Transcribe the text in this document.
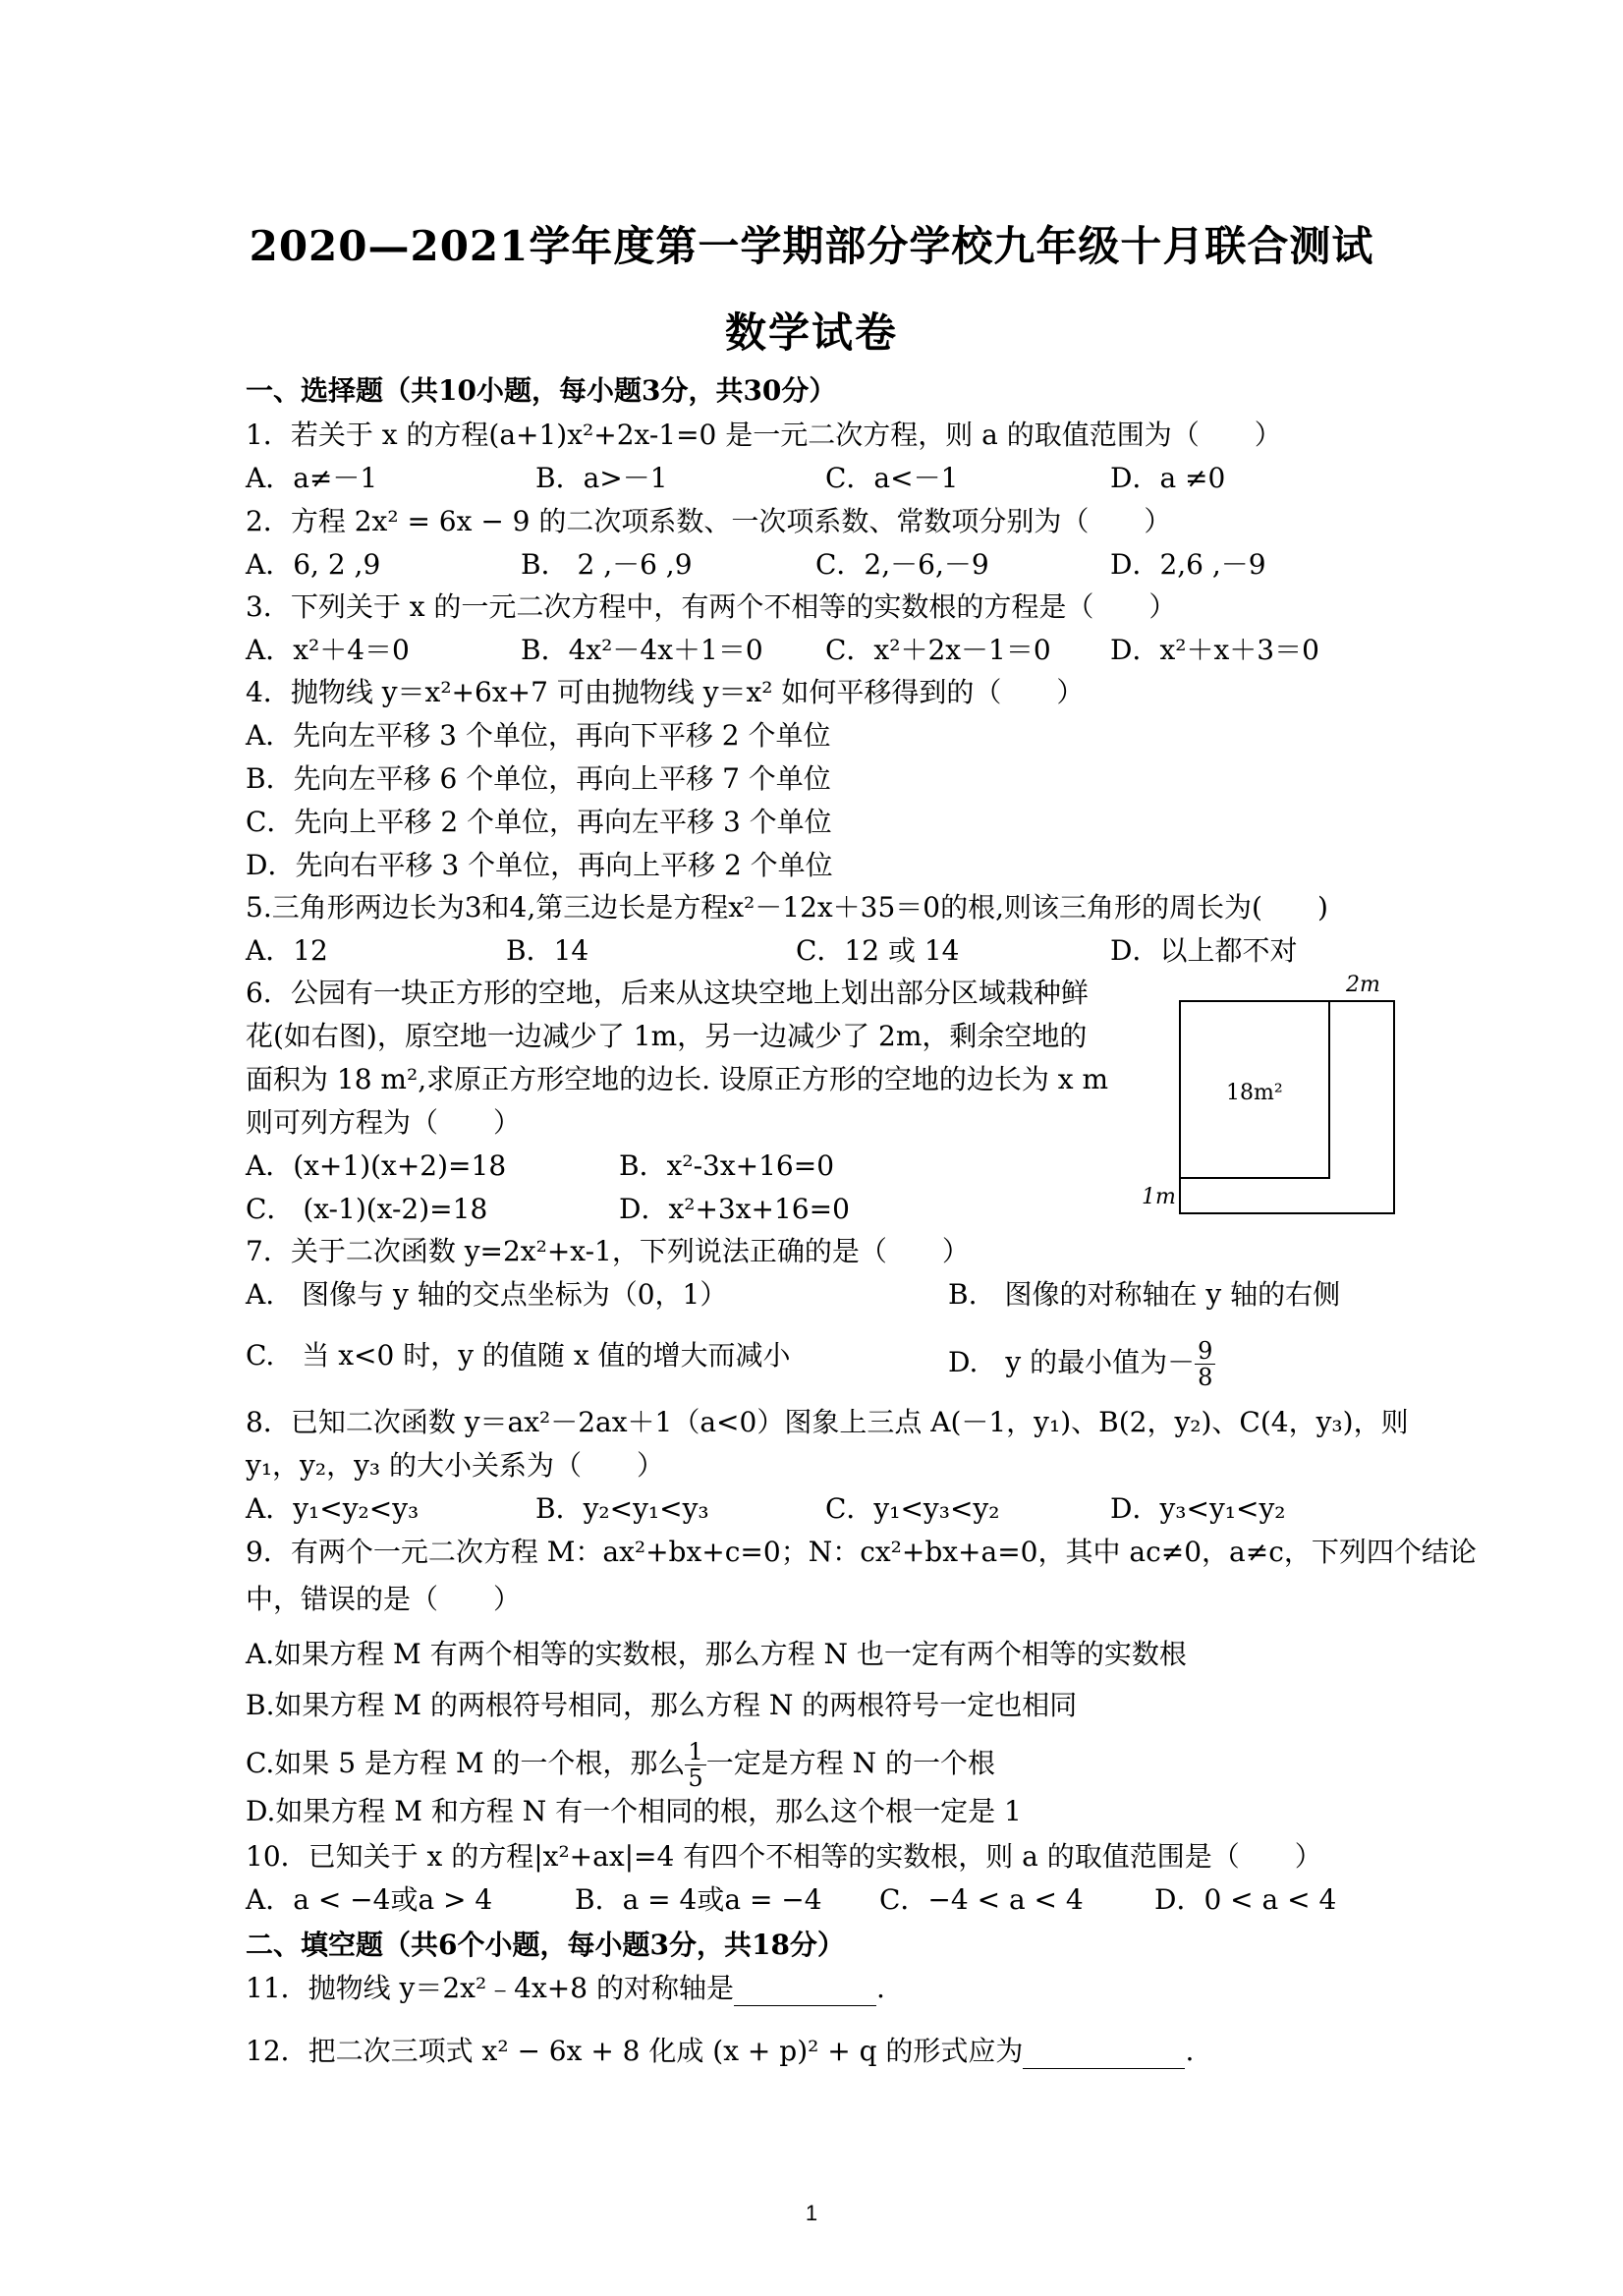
2020—2021学年度第一学期部分学校九年级十月联合测试
数学试卷
一、选择题（共10小题，每小题3分，共30分）
1．若关于 x 的方程(a+1)x²+2x-1=0 是一元二次方程，则 a 的取值范围为（　　）
A．a≠－1	B．a>－1	C．a<－1	D．a ≠0
2．方程 2x² = 6x − 9 的二次项系数、一次项系数、常数项分别为（　　）
A．6, 2 ,9	B． 2 ,－6 ,9	C．2,－6,－9	D．2,6 ,－9
3．下列关于 x 的一元二次方程中，有两个不相等的实数根的方程是（　　）
A．x²＋4＝0	B．4x²－4x＋1＝0 C．x²＋2x－1＝0 D．x²＋x＋3＝0
4．抛物线 y＝x²+6x+7 可由抛物线 y＝x² 如何平移得到的（　　）
A．先向左平移 3 个单位，再向下平移 2 个单位
B．先向左平移 6 个单位，再向上平移 7 个单位
C．先向上平移 2 个单位，再向左平移 3 个单位
D．先向右平移 3 个单位，再向上平移 2 个单位
5.三角形两边长为3和4,第三边长是方程x²－12x＋35＝0的根,则该三角形的周长为(　　)
A．12	B．14	C．12 或 14	D．以上都不对
6．公园有一块正方形的空地，后来从这块空地上划出部分区域栽种鲜
花(如右图)，原空地一边减少了 1m，另一边减少了 2m，剩余空地的
面积为 18 m²,求原正方形空地的边长. 设原正方形的空地的边长为 x m
则可列方程为（　　）
A．(x+1)(x+2)=18	B．x²-3x+16=0
C． (x-1)(x-2)=18	D．x²+3x+16=0
2m
18m²
1m
7．关于二次函数 y=2x²+x-1，下列说法正确的是（　　）
A.　图像与 y 轴的交点坐标为（0，1）	B.　图像的对称轴在 y 轴的右侧
C.　当 x<0 时，y 的值随 x 值的增大而减小	D.　y 的最小值为－ $\frac{9}{8}$
8．已知二次函数 y＝ax²－2ax＋1（a<0）图象上三点 A(－1，y₁)、B(2，y₂)、C(4，y₃)，则
y₁，y₂，y₃ 的大小关系为（　　）
A．y₁<y₂<y₃	B．y₂<y₁<y₃	C．y₁<y₃<y₂	D．y₃<y₁<y₂
9．有两个一元二次方程 M：ax²+bx+c=0；N：cx²+bx+a=0，其中 ac≠0，a≠c，下列四个结论
中，错误的是（　　）
A.如果方程 M 有两个相等的实数根，那么方程 N 也一定有两个相等的实数根
B.如果方程 M 的两根符号相同，那么方程 N 的两根符号一定也相同
C.如果 5 是方程 M 的一个根，那么 $\frac{1}{5}$ 一定是方程 N 的一个根
D.如果方程 M 和方程 N 有一个相同的根，那么这个根一定是 1
10．已知关于 x 的方程|x²+ax|=4 有四个不相等的实数根，则 a 的取值范围是（　　）
A．a < −4或a > 4	B．a = 4或a = −4 C．−4 < a < 4	D．0 < a < 4
二、填空题（共6个小题，每小题3分，共18分）
11．抛物线 y＝2x²﹣4x+8 的对称轴是	.
12．把二次三项式 x² − 6x + 8 化成 (x + p)² + q 的形式应为	.
1
